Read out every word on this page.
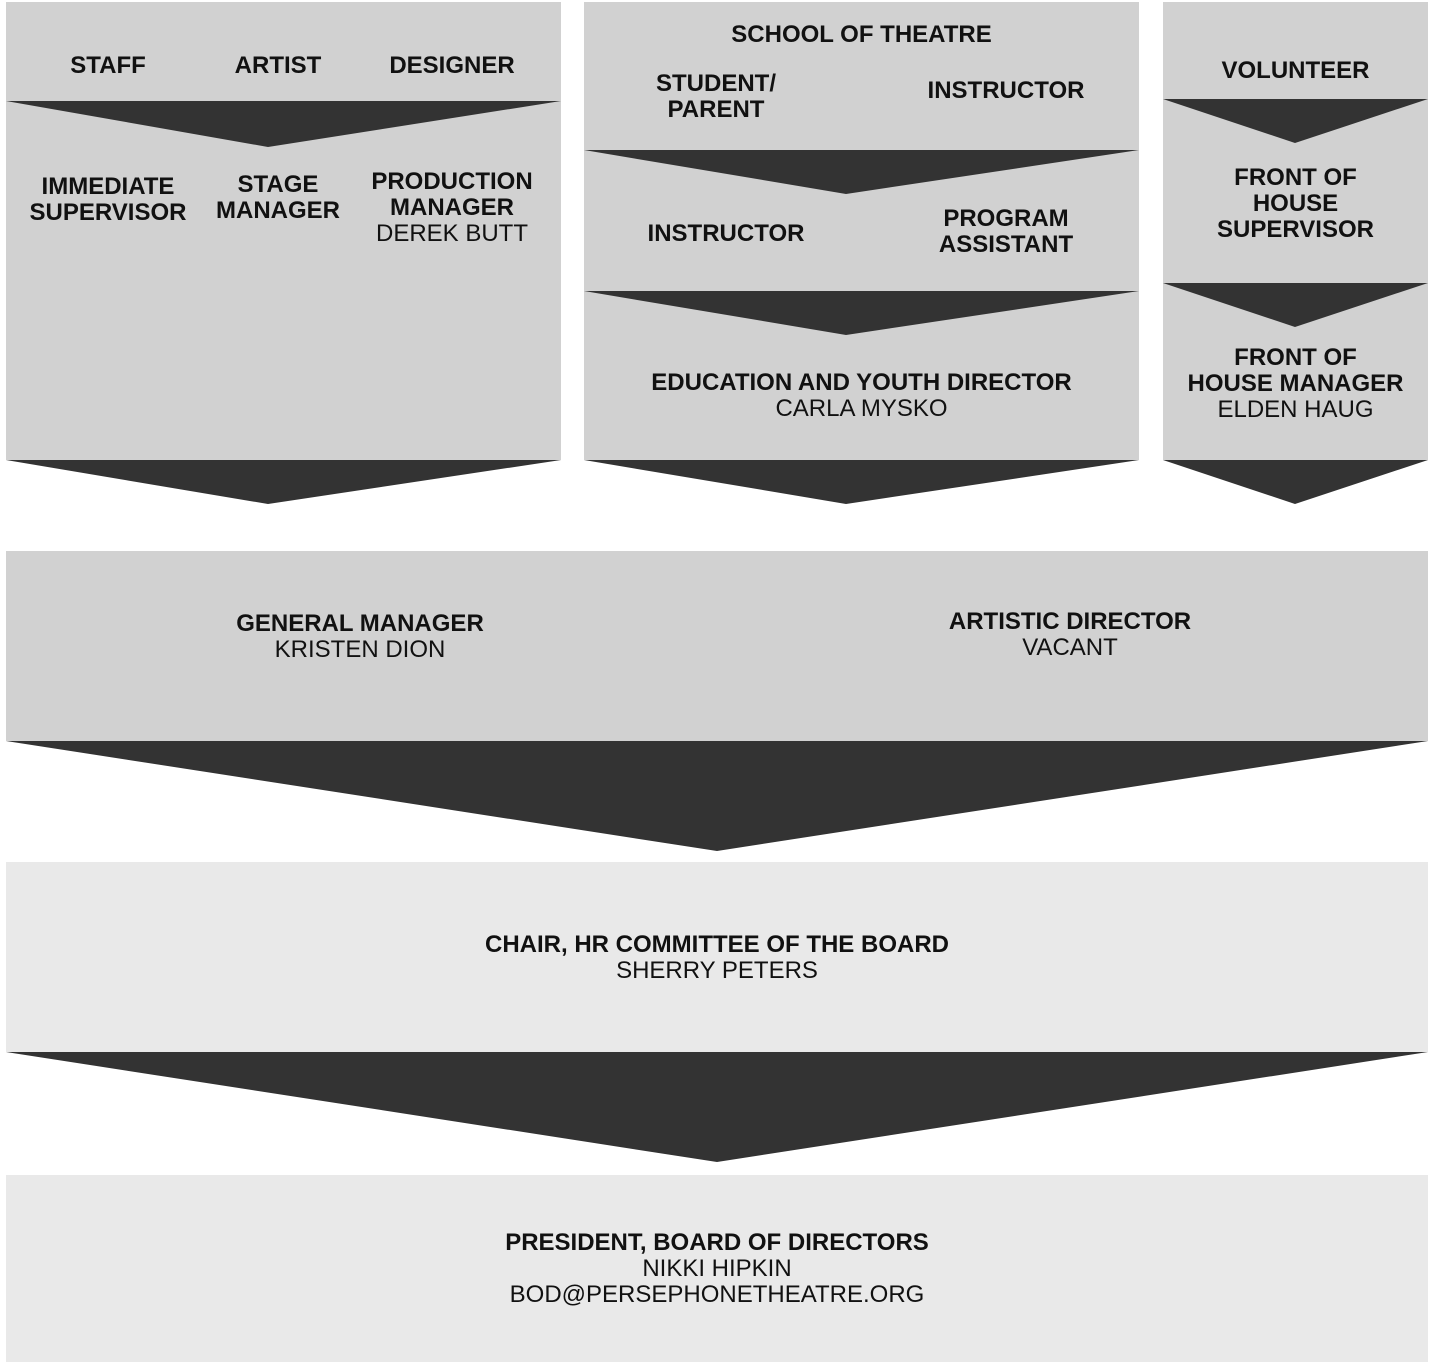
STAFF	ARTIST	DESIGNER
IMMEDIATE
SUPERVISOR
STAGE
MANAGER
PRODUCTION
MANAGER
DEREK BUTT
SCHOOL OF THEATRE
STUDENT/
PARENT
INSTRUCTOR
INSTRUCTOR
PROGRAM
ASSISTANT
EDUCATION AND YOUTH DIRECTOR
CARLA MYSKO
VOLUNTEER
FRONT OF
HOUSE
SUPERVISOR
FRONT OF
HOUSE MANAGER
ELDEN HAUG
GENERAL MANAGER
KRISTEN DION
ARTISTIC DIRECTOR
VACANT
CHAIR, HR COMMITTEE OF THE BOARD
SHERRY PETERS
PRESIDENT, BOARD OF DIRECTORS
NIKKI HIPKIN
BOD@PERSEPHONETHEATRE.ORG
